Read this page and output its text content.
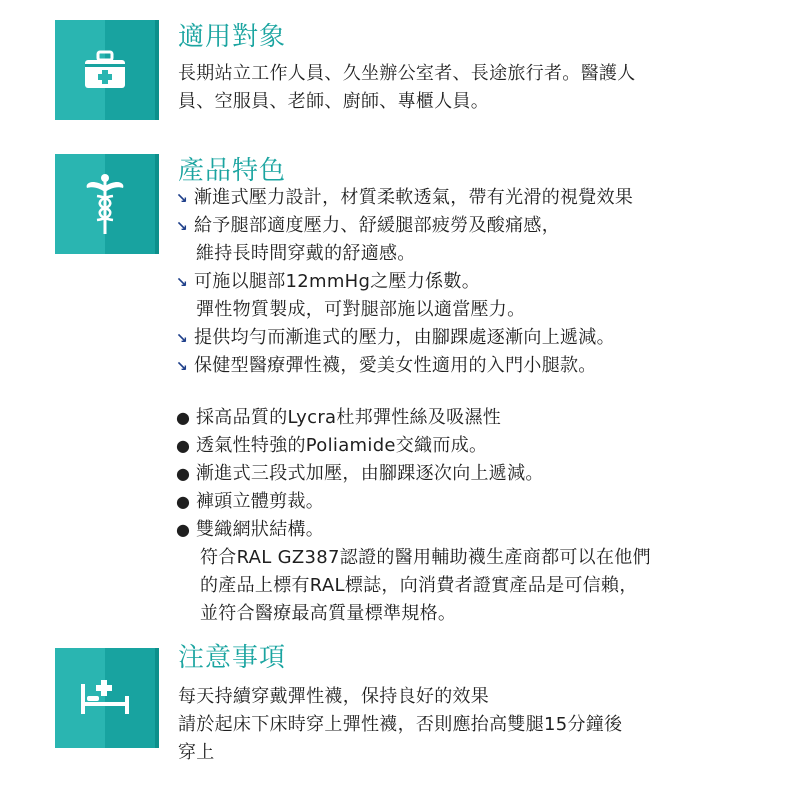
適用對象
長期站立工作人員、久坐辦公室者、長途旅行者。醫護人
員、空服員、老師、廚師、專櫃人員。
產品特色
↘ 漸進式壓力設計，材質柔軟透氣，帶有光滑的視覺效果
↘ 給予腿部適度壓力、舒緩腿部疲勞及酸痛感，
維持長時間穿戴的舒適感。
↘ 可施以腿部12mmHg之壓力係數。
彈性物質製成，可對腿部施以適當壓力。
↘ 提供均勻而漸進式的壓力，由腳踝處逐漸向上遞減。
↘ 保健型醫療彈性襪，愛美女性適用的入門小腿款。
● 採高品質的Lycra杜邦彈性絲及吸濕性
● 透氣性特強的Poliamide交織而成。
● 漸進式三段式加壓，由腳踝逐次向上遞減。
● 褲頭立體剪裁。
● 雙織網狀結構。
符合RAL GZ387認證的醫用輔助襪生產商都可以在他們
的產品上標有RAL標誌，向消費者證實產品是可信賴，
並符合醫療最高質量標準規格。
注意事項
每天持續穿戴彈性襪，保持良好的效果
請於起床下床時穿上彈性襪，否則應抬高雙腿15分鐘後
穿上
